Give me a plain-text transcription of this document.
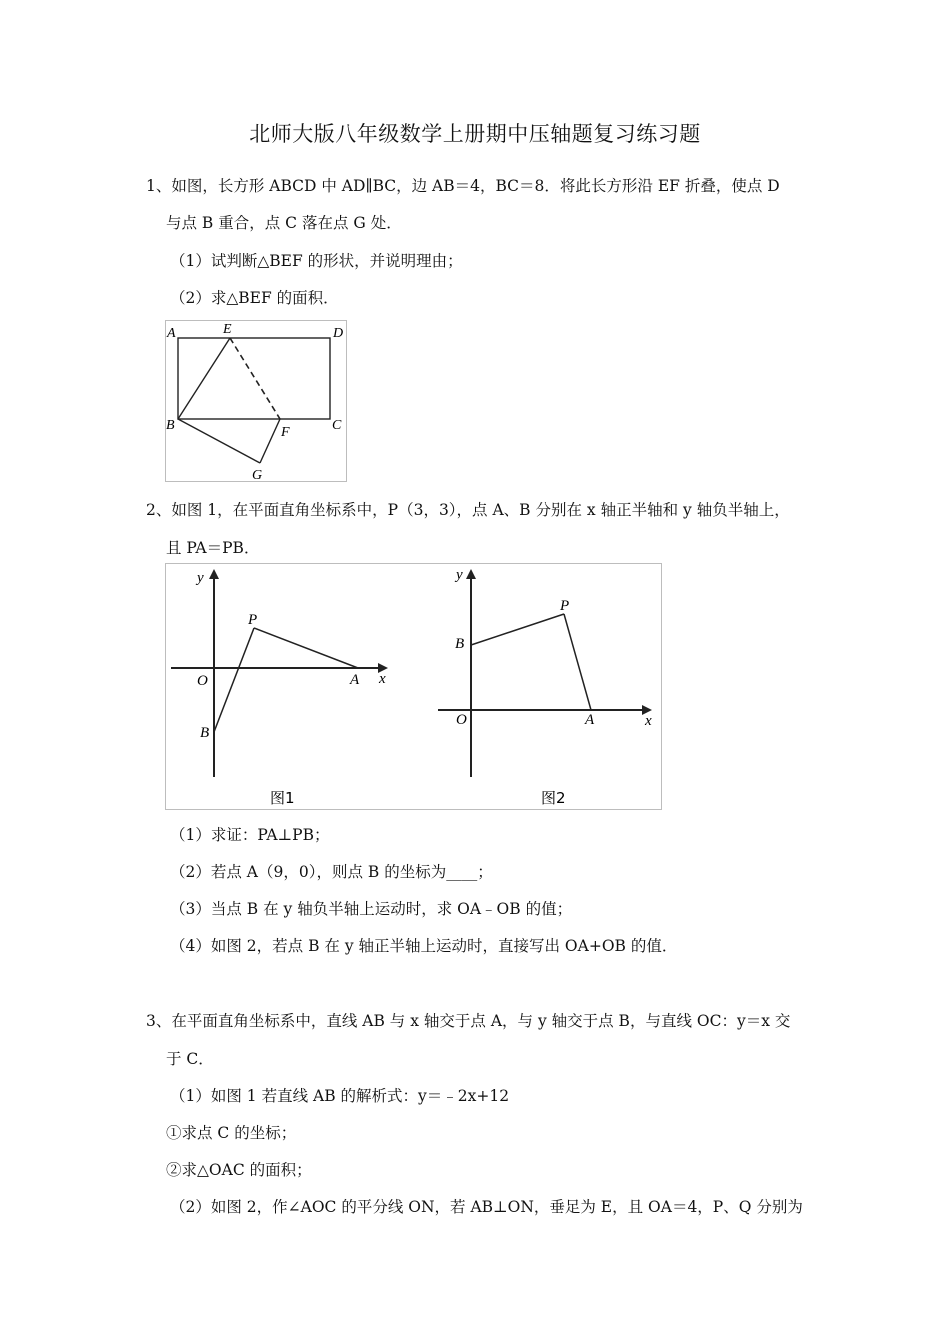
北师大版八年级数学上册期中压轴题复习练习题
1、如图，长方形 ABCD 中 AD∥BC，边 AB＝4，BC＝8．将此长方形沿 EF 折叠，使点 D
与点 B 重合，点 C 落在点 G 处．
（1）试判断△BEF 的形状，并说明理由；
（2）求△BEF 的面积．
A	E	D
B	C
F
G
2、如图 1，在平面直角坐标系中，P（3，3），点 A、B 分别在 x 轴正半轴和 y 轴负半轴上，
且 PA＝PB．
y
x
O
P
A
B
图1
y
x
O
P
A
B
图2
（1）求证：PA⊥PB；
（2）若点 A（9，0），则点 B 的坐标为____；
（3）当点 B 在 y 轴负半轴上运动时，求 OA﹣OB 的值；
（4）如图 2，若点 B 在 y 轴正半轴上运动时，直接写出 OA+OB 的值．
3、在平面直角坐标系中，直线 AB 与 x 轴交于点 A，与 y 轴交于点 B，与直线 OC：y＝x 交
于 C．
（1）如图 1 若直线 AB 的解析式：y＝﹣2x+12
①求点 C 的坐标；
②求△OAC 的面积；
（2）如图 2，作∠AOC 的平分线 ON，若 AB⊥ON，垂足为 E，且 OA＝4，P、Q 分别为
